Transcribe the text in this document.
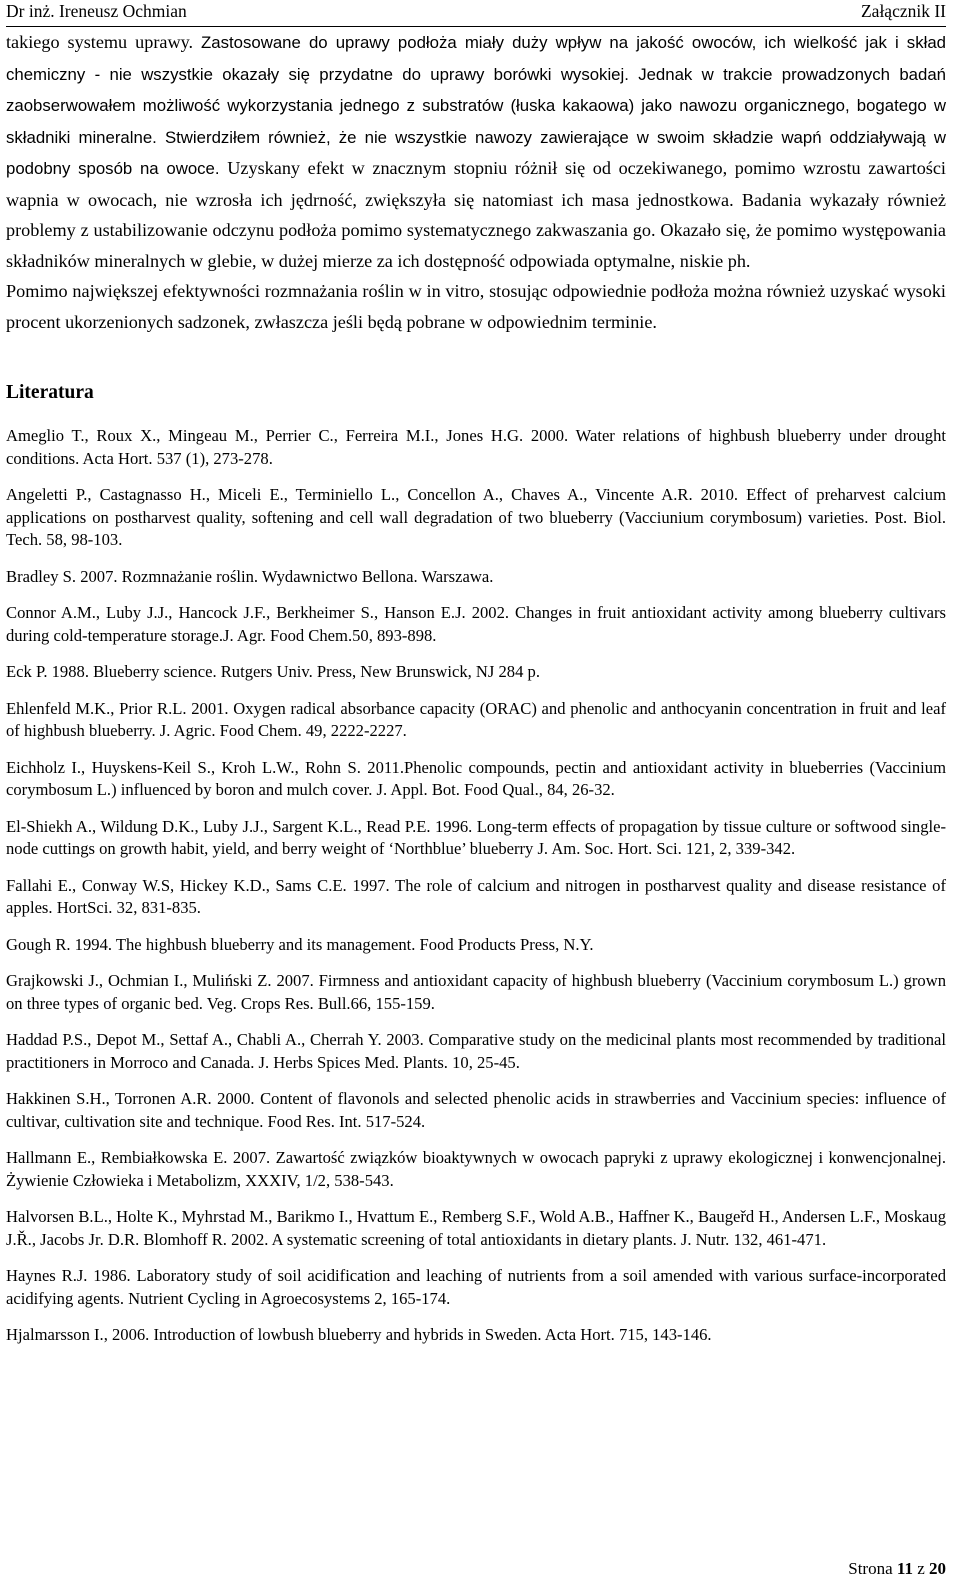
Dr inż. Ireneusz Ochmian	Załącznik II

takiego systemu uprawy. Zastosowane do uprawy podłoża miały duży wpływ na jakość owoców, ich wielkość jak i skład chemiczny - nie wszystkie okazały się przydatne do uprawy borówki wysokiej. Jednak w trakcie prowadzonych badań zaobserwowałem możliwość wykorzystania jednego z substratów (łuska kakaowa) jako nawozu organicznego, bogatego w składniki mineralne. Stwierdziłem również, że nie wszystkie nawozy zawierające w swoim składzie wapń oddziaływają w podobny sposób na owoce. Uzyskany efekt w znacznym stopniu różnił się od oczekiwanego, pomimo wzrostu zawartości wapnia w owocach, nie wzrosła ich jędrność, zwiększyła się natomiast ich masa jednostkowa. Badania wykazały również problemy z ustabilizowanie odczynu podłoża pomimo systematycznego zakwaszania go. Okazało się, że pomimo występowania składników mineralnych w glebie, w dużej mierze za ich dostępność odpowiada optymalne, niskie ph.

Pomimo największej efektywności rozmnażania roślin w in vitro, stosując odpowiednie podłoża można również uzyskać wysoki procent ukorzenionych sadzonek, zwłaszcza jeśli będą pobrane w odpowiednim terminie.

Literatura
Ameglio T., Roux X., Mingeau M., Perrier C., Ferreira M.I., Jones H.G. 2000. Water relations of highbush blueberry under drought conditions. Acta Hort. 537 (1), 273-278.
Angeletti P., Castagnasso H., Miceli E., Terminiello L., Concellon A., Chaves A., Vincente A.R. 2010. Effect of preharvest calcium applications on postharvest quality, softening and cell wall degradation of two blueberry (Vacciunium corymbosum) varieties. Post. Biol. Tech. 58, 98-103.
Bradley S. 2007. Rozmnażanie roślin. Wydawnictwo Bellona. Warszawa.
Connor A.M., Luby J.J., Hancock J.F., Berkheimer S., Hanson E.J. 2002. Changes in fruit antioxidant activity among blueberry cultivars during cold-temperature storage.J. Agr. Food Chem.50, 893-898.
Eck P. 1988. Blueberry science. Rutgers Univ. Press, New Brunswick, NJ 284 p.
Ehlenfeld M.K., Prior R.L. 2001. Oxygen radical absorbance capacity (ORAC) and phenolic and anthocyanin concentration in fruit and leaf of highbush blueberry. J. Agric. Food Chem. 49, 2222-2227.
Eichholz I., Huyskens-Keil S., Kroh L.W., Rohn S. 2011.Phenolic compounds, pectin and antioxidant activity in blueberries (Vaccinium corymbosum L.) influenced by boron and mulch cover. J. Appl. Bot. Food Qual., 84, 26-32.
El-Shiekh A., Wildung D.K., Luby J.J., Sargent K.L., Read P.E. 1996. Long-term effects of propagation by tissue culture or softwood single-node cuttings on growth habit, yield, and berry weight of ‘Northblue’ blueberry J. Am. Soc. Hort. Sci. 121, 2, 339-342.
Fallahi E., Conway W.S, Hickey K.D., Sams C.E. 1997. The role of calcium and nitrogen in postharvest quality and disease resistance of apples. HortSci. 32, 831-835.
Gough R. 1994. The highbush blueberry and its management. Food Products Press, N.Y.
Grajkowski J., Ochmian I., Muliński Z. 2007. Firmness and antioxidant capacity of highbush blueberry (Vaccinium corymbosum L.) grown on three types of organic bed. Veg. Crops Res. Bull.66, 155-159.
Haddad P.S., Depot M., Settaf A., Chabli A., Cherrah Y. 2003. Comparative study on the medicinal plants most recommended by traditional practitioners in Morroco and Canada. J. Herbs Spices Med. Plants. 10, 25-45.
Hakkinen S.H., Torronen A.R. 2000. Content of flavonols and selected phenolic acids in strawberries and Vaccinium species: influence of cultivar, cultivation site and technique. Food Res. Int. 517-524.
Hallmann E., Rembiałkowska E. 2007. Zawartość związków bioaktywnych w owocach papryki z uprawy ekologicznej i konwencjonalnej. Żywienie Człowieka i Metabolizm, XXXIV, 1/2, 538-543.
Halvorsen B.L., Holte K., Myhrstad M., Barikmo I., Hvattum E., Remberg S.F., Wold A.B., Haffner K., Baugeřd H., Andersen L.F., Moskaug J.Ř., Jacobs Jr. D.R. Blomhoff R. 2002. A systematic screening of total antioxidants in dietary plants. J. Nutr. 132, 461-471.
Haynes R.J. 1986. Laboratory study of soil acidification and leaching of nutrients from a soil amended with various surface-incorporated acidifying agents. Nutrient Cycling in Agroecosystems 2, 165-174.
Hjalmarsson I., 2006. Introduction of lowbush blueberry and hybrids in Sweden. Acta Hort. 715, 143-146.
Strona 11 z 20
